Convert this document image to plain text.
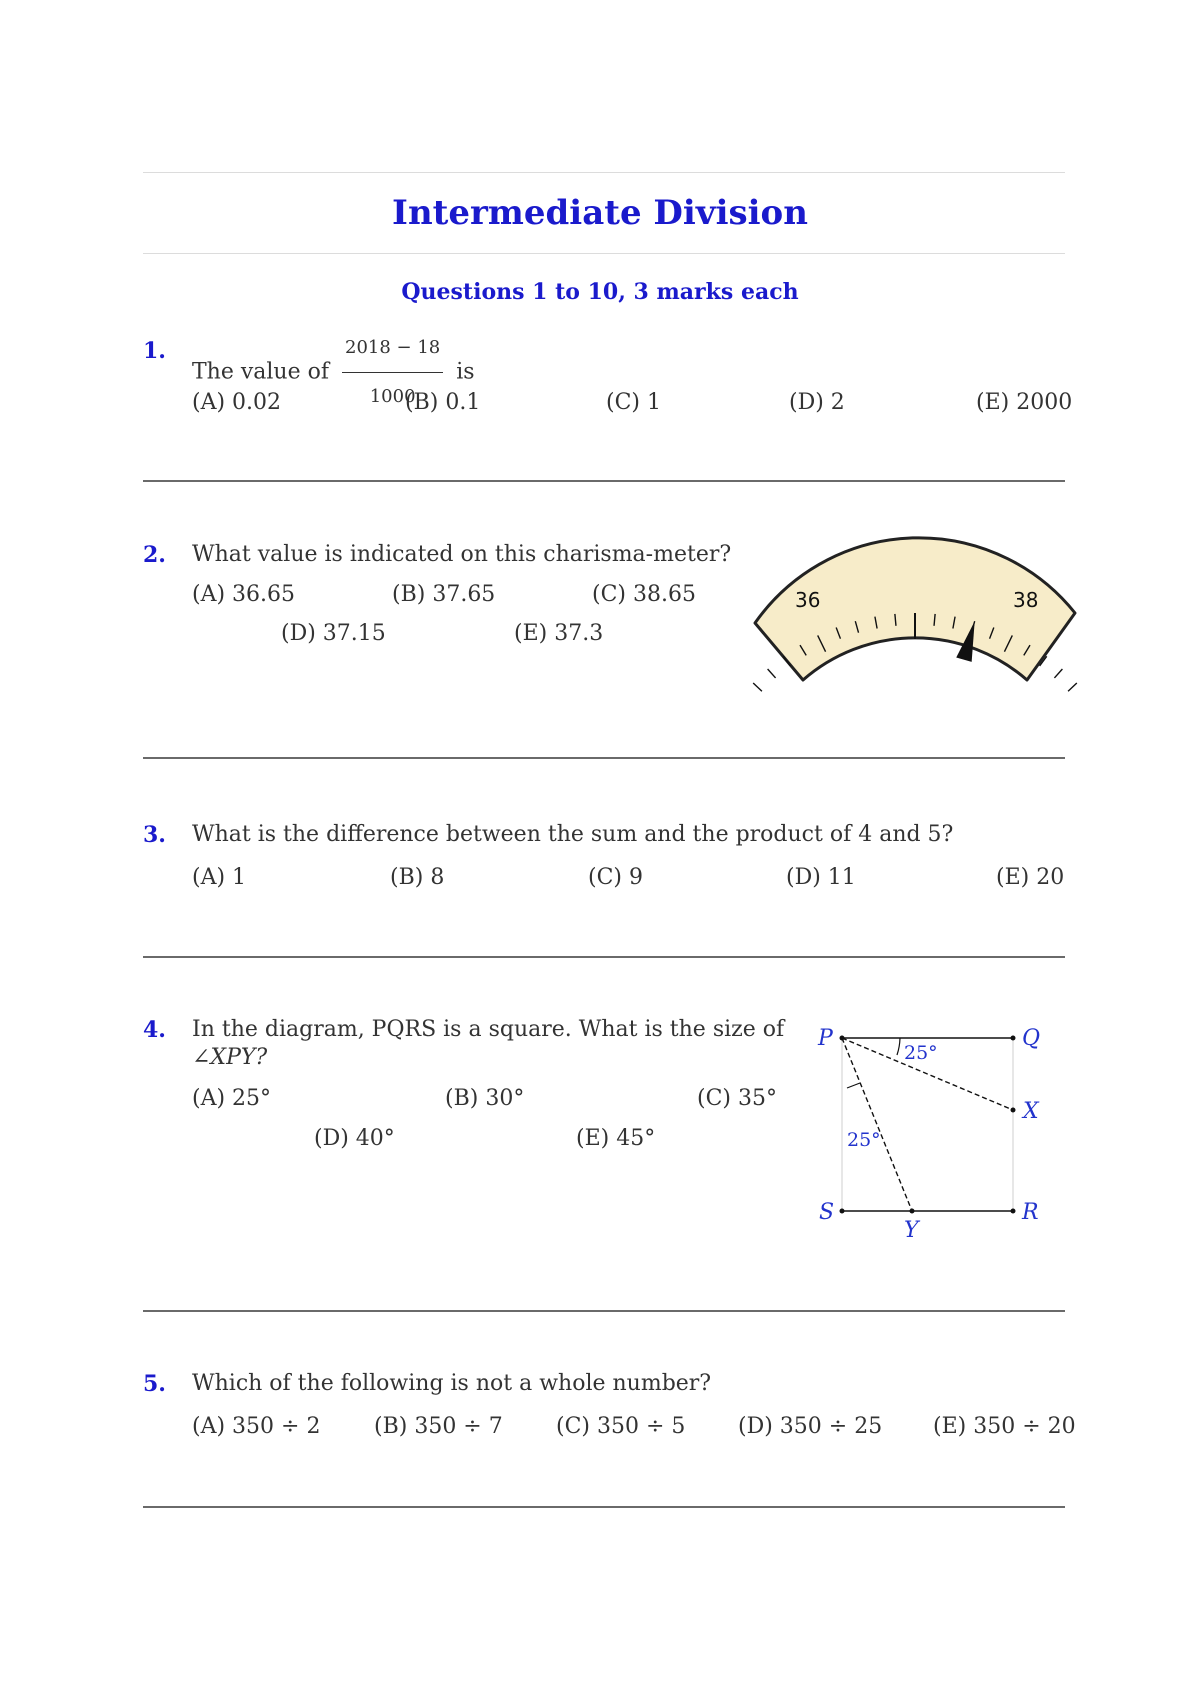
Intermediate Division
Questions 1 to 10, 3 marks each
1.
The value of $\frac{2018 - 18}{1000}$ is
(A) 0.02	(B) 0.1	(C) 1	(D) 2	(E) 2000
2. What value is indicated on this charisma-meter?
(A) 36.65	(B) 37.65	(C) 38.65
(D) 37.15	(E) 37.3
36	38
3. What is the difference between the sum and the product of 4 and 5?
(A) 1	(B) 8	(C) 9	(D) 11	(E) 20
4. In the diagram, PQRS is a square. What is the size of
∠XPY?
(A) 25°	(B) 30°	(C) 35°
(D) 40°	(E) 45°
P	Q
X
R
S
Y
25°
25°
5. Which of the following is not a whole number?
(A) 350 ÷ 2 (B) 350 ÷ 7 (C) 350 ÷ 5 (D) 350 ÷ 25 (E) 350 ÷ 20
